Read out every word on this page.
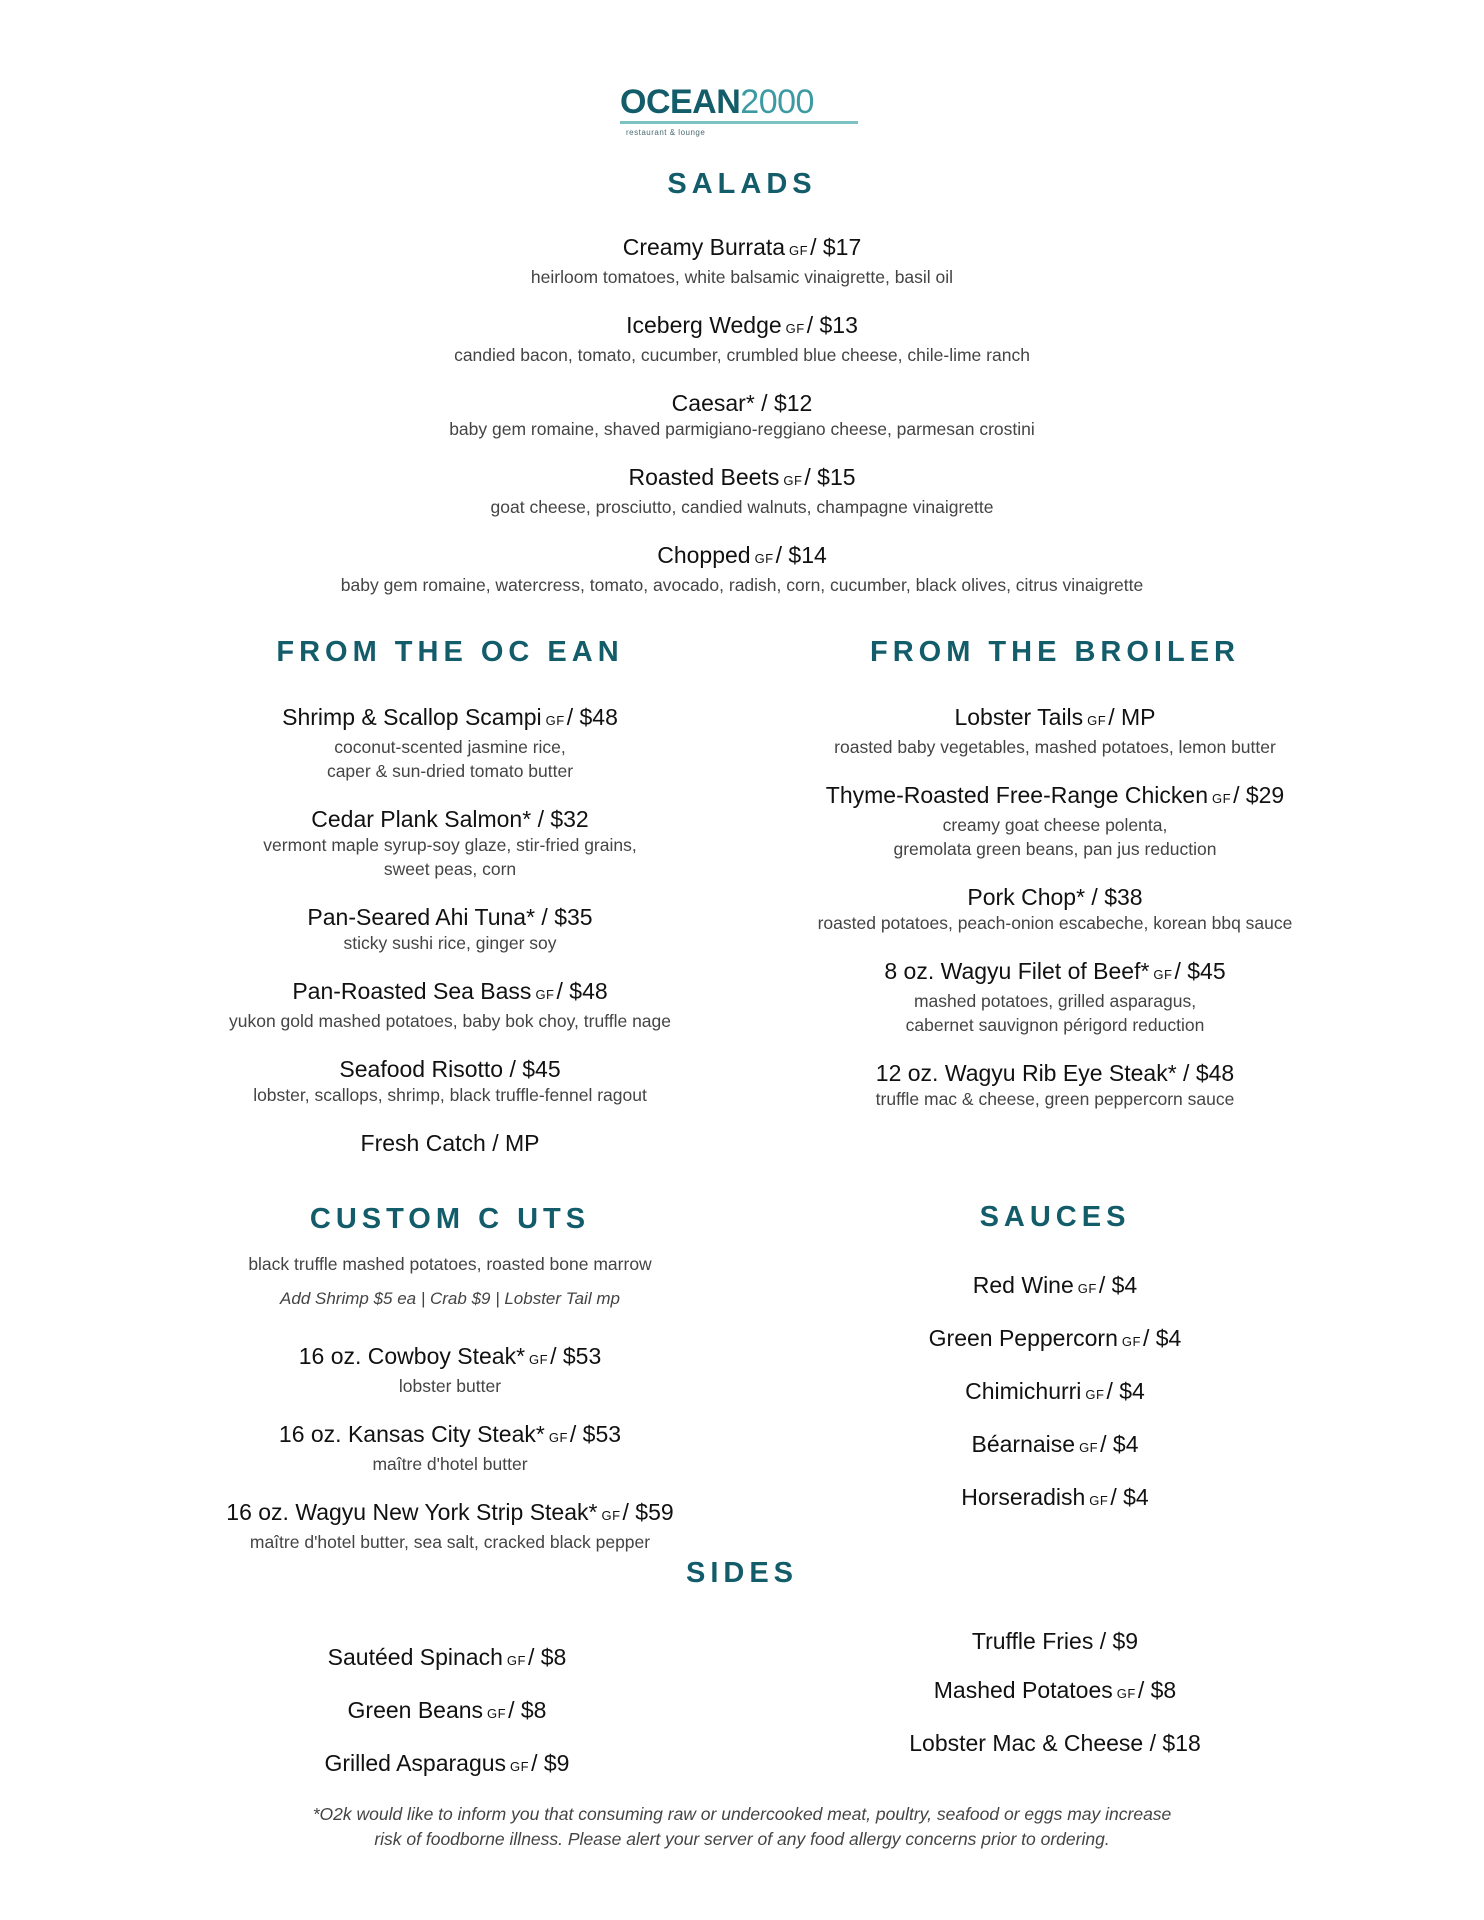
OCEAN2000
restaurant & lounge
SALADS
Creamy Burrata GF/ $17
heirloom tomatoes, white balsamic vinaigrette, basil oil
Iceberg Wedge GF/ $13
candied bacon, tomato, cucumber, crumbled blue cheese, chile-lime ranch
Caesar* / $12
baby gem romaine, shaved parmigiano-reggiano cheese, parmesan crostini
Roasted Beets GF/ $15
goat cheese, prosciutto, candied walnuts, champagne vinaigrette
Chopped GF/ $14
baby gem romaine, watercress, tomato, avocado, radish, corn, cucumber, black olives, citrus vinaigrette
FROM THE OC EAN
Shrimp & Scallop Scampi GF/ $48
coconut-scented jasmine rice,
caper & sun-dried tomato butter
Cedar Plank Salmon* / $32
vermont maple syrup-soy glaze, stir-fried grains,
sweet peas, corn
Pan-Seared Ahi Tuna* / $35
sticky sushi rice, ginger soy
Pan-Roasted Sea Bass GF/ $48
yukon gold mashed potatoes, baby bok choy, truffle nage
Seafood Risotto / $45
lobster, scallops, shrimp, black truffle-fennel ragout
Fresh Catch / MP
FROM THE BROILER
Lobster Tails GF/ MP
roasted baby vegetables, mashed potatoes, lemon butter
Thyme-Roasted Free-Range Chicken GF/ $29
creamy goat cheese polenta,
gremolata green beans, pan jus reduction
Pork Chop* / $38
roasted potatoes, peach-onion escabeche, korean bbq sauce
8 oz. Wagyu Filet of Beef* GF/ $45
mashed potatoes, grilled asparagus,
cabernet sauvignon périgord reduction
12 oz. Wagyu Rib Eye Steak* / $48
truffle mac & cheese, green peppercorn sauce
CUSTOM C UTS
black truffle mashed potatoes, roasted bone marrow
Add Shrimp $5 ea | Crab $9 | Lobster Tail mp
16 oz. Cowboy Steak* GF/ $53
lobster butter
16 oz. Kansas City Steak* GF/ $53
maître d'hotel butter
16 oz. Wagyu New York Strip Steak* GF/ $59
maître d'hotel butter, sea salt, cracked black pepper
SAUCES
Red Wine GF/ $4
Green Peppercorn GF/ $4
Chimichurri GF/ $4
Béarnaise GF/ $4
Horseradish GF/ $4
SIDES
Sautéed Spinach GF/ $8
Green Beans GF/ $8
Grilled Asparagus GF/ $9
Truffle Fries / $9
Mashed Potatoes GF/ $8
Lobster Mac & Cheese / $18
*O2k would like to inform you that consuming raw or undercooked meat, poultry, seafood or eggs may increase
risk of foodborne illness. Please alert your server of any food allergy concerns prior to ordering.
